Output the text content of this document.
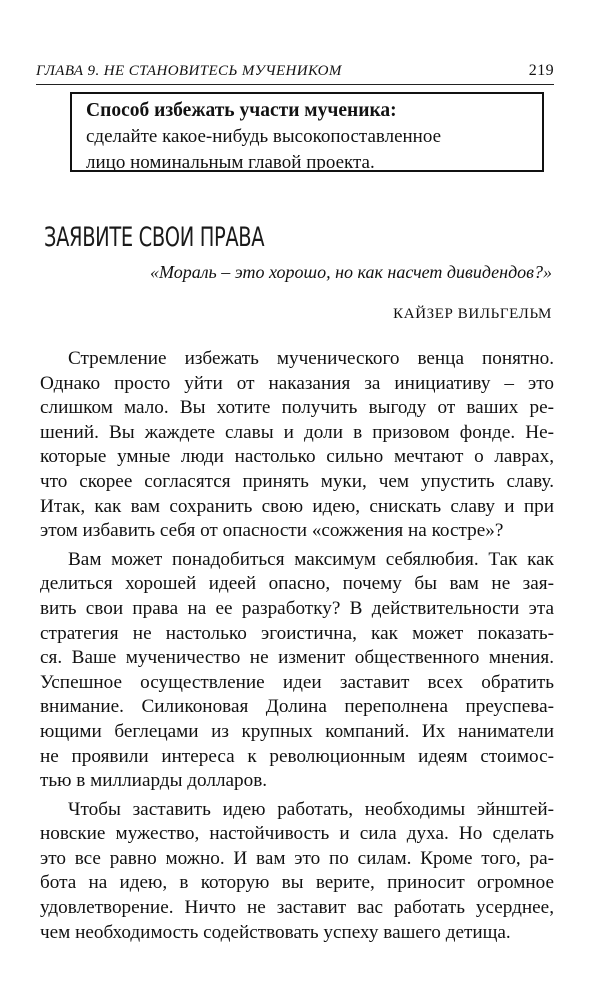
ГЛАВА 9. НЕ СТАНОВИТЕСЬ МУЧЕНИКОМ	219
Способ избежать участи мученика:
сделайте какое-нибудь высокопоставленное
лицо номинальным главой проекта.
ЗАЯВИТЕ СВОИ ПРАВА
«Мораль – это хорошо, но как насчет дивидендов?»
КАЙЗЕР ВИЛЬГЕЛЬМ
Стремление избежать мученического венца понятно.
Однако просто уйти от наказания за инициативу – это
слишком мало. Вы хотите получить выгоду от ваших ре-
шений. Вы жаждете славы и доли в призовом фонде. Не-
которые умные люди настолько сильно мечтают о лаврах,
что скорее согласятся принять муки, чем упустить славу.
Итак, как вам сохранить свою идею, снискать славу и при
этом избавить себя от опасности «сожжения на костре»?
Вам может понадобиться максимум себялюбия. Так как
делиться хорошей идеей опасно, почему бы вам не зая-
вить свои права на ее разработку? В действительности эта
стратегия не настолько эгоистична, как может показать-
ся. Ваше мученичество не изменит общественного мнения.
Успешное осуществление идеи заставит всех обратить
внимание. Силиконовая Долина переполнена преуспева-
ющими беглецами из крупных компаний. Их наниматели
не проявили интереса к революционным идеям стоимос-
тью в миллиарды долларов.
Чтобы заставить идею работать, необходимы эйнштей-
новские мужество, настойчивость и сила духа. Но сделать
это все равно можно. И вам это по силам. Кроме того, ра-
бота на идею, в которую вы верите, приносит огромное
удовлетворение. Ничто не заставит вас работать усерднее,
чем необходимость содействовать успеху вашего детища.
